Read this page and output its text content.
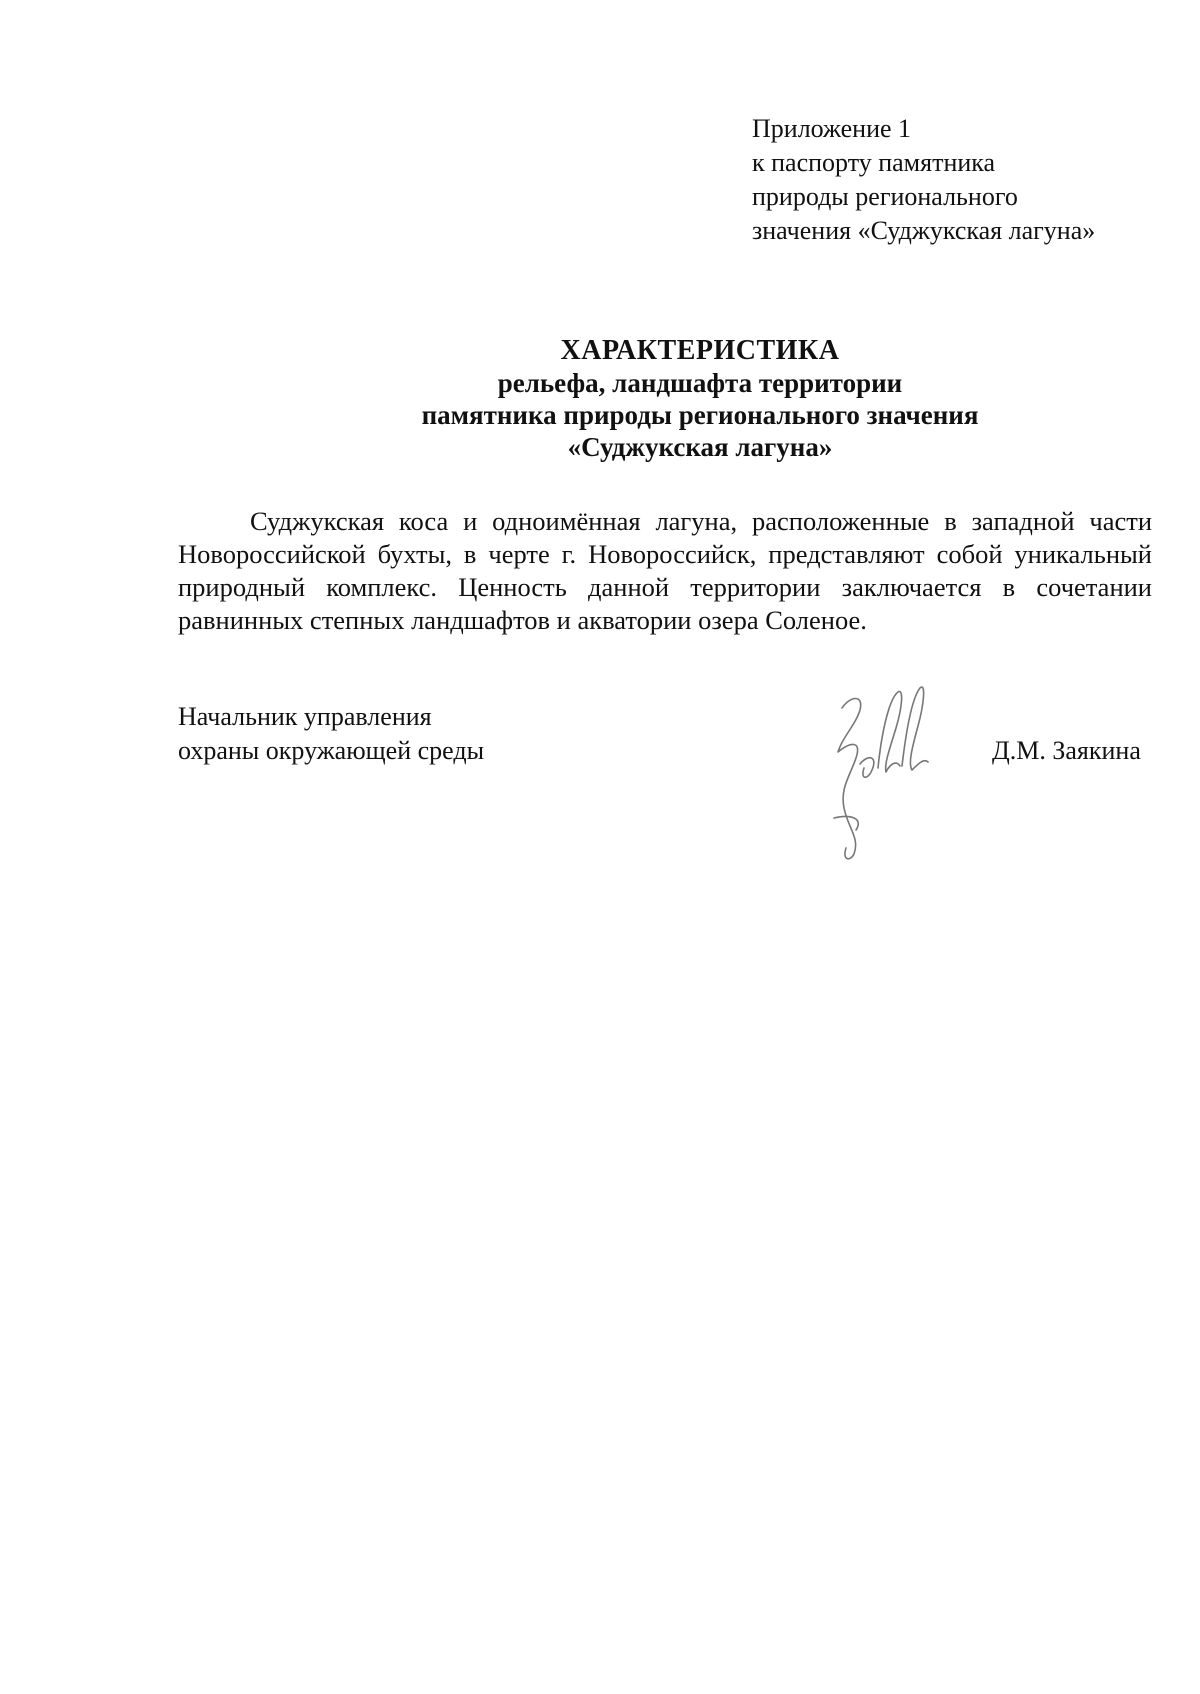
Приложение 1
к паспорту памятника
природы регионального
значения «Суджукская лагуна»
ХАРАКТЕРИСТИКА
рельефа, ландшафта территории
памятника природы регионального значения
«Суджукская лагуна»
Суджукская коса и одноимённая лагуна, расположенные в западной части Новороссийской бухты, в черте г. Новороссийск, представляют собой уникальный природный комплекс. Ценность данной территории заключается в сочетании равнинных степных ландшафтов и акватории озера Соленое.
Начальник управления
охраны окружающей среды	Д.М. Заякина
